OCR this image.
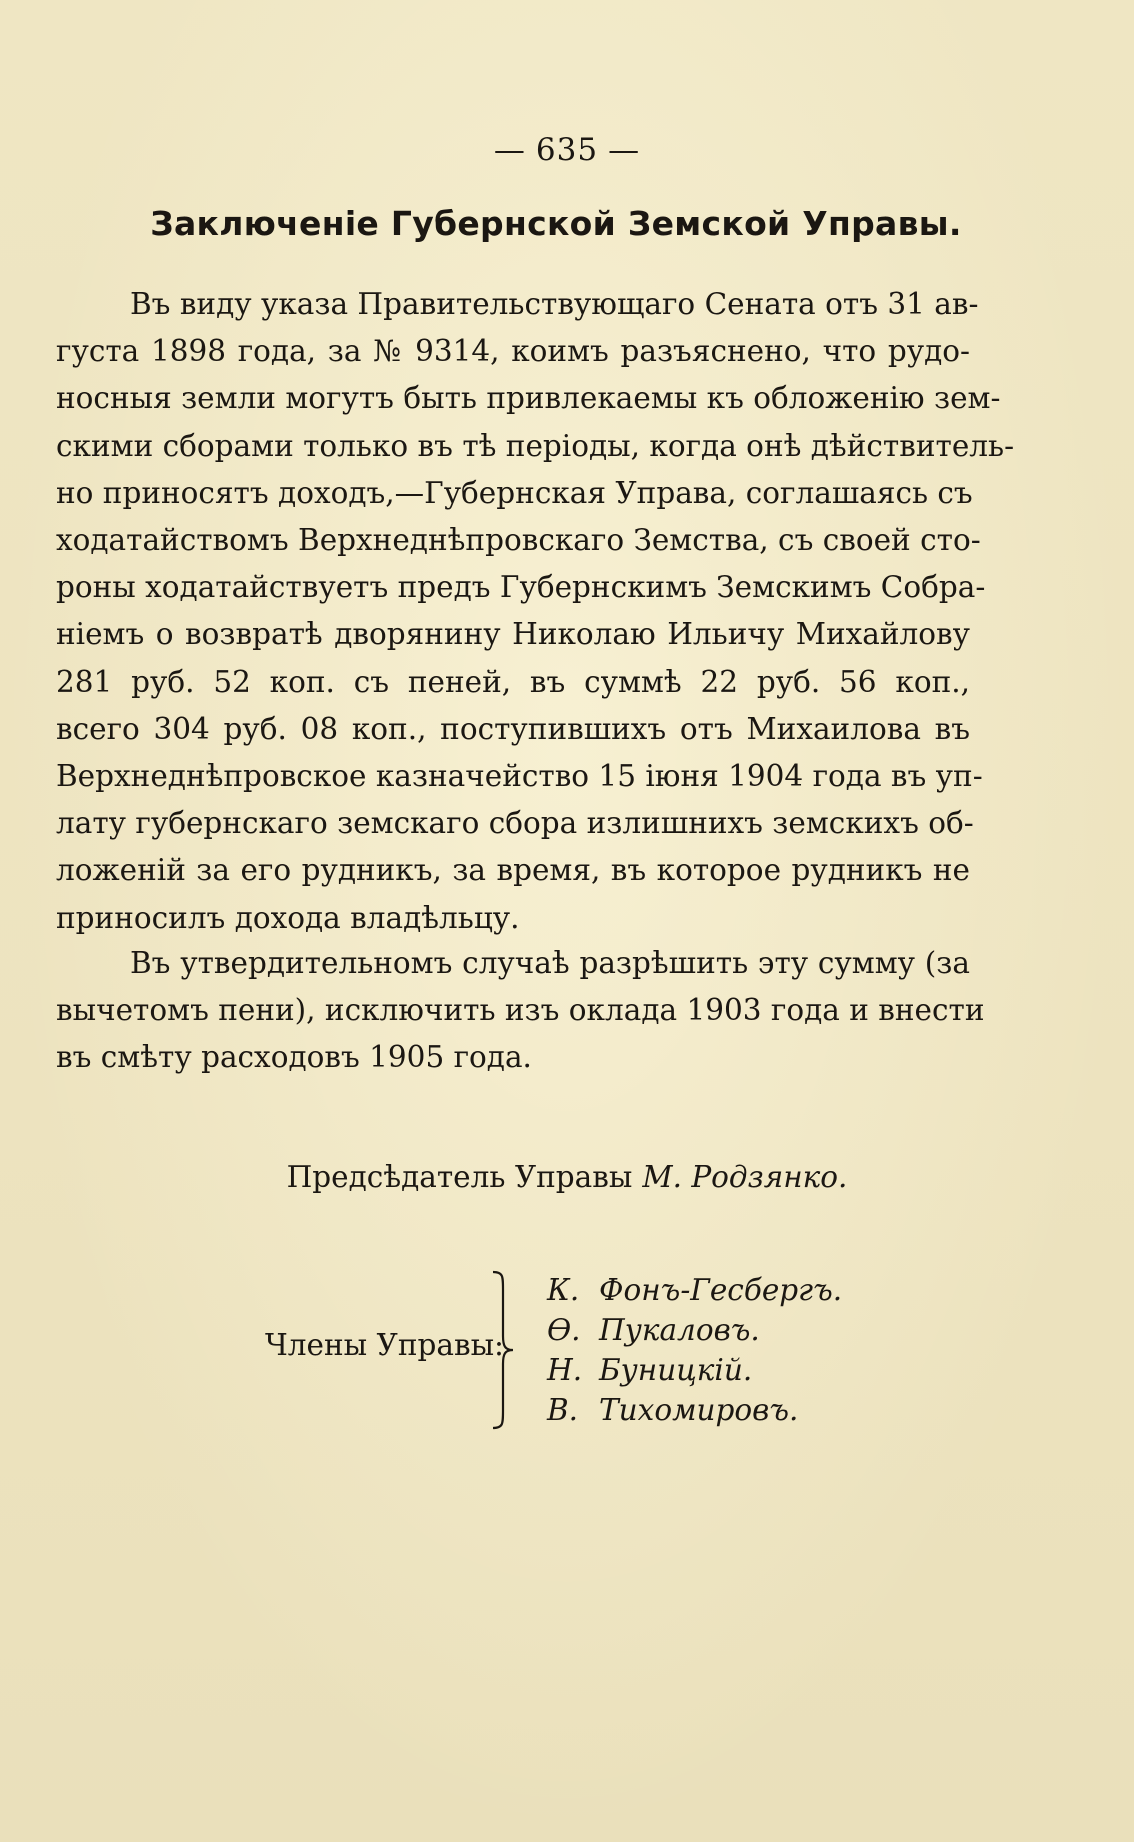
— 635 —
Заключеніе Губернской Земской Управы.
Въ виду указа Правительствующаго Сената отъ 31 ав-
густа 1898 года, за № 9314, коимъ разъяснено, что рудо-
носныя земли могутъ быть привлекаемы къ обложенію зем-
скими сборами только въ тѣ періоды, когда онѣ дѣйствитель-
но приносятъ доходъ,—Губернская Управа, соглашаясь съ
ходатайствомъ Верхнеднѣпровскаго Земства, съ своей сто-
роны ходатайствуетъ предъ Губернскимъ Земскимъ Собра-
ніемъ о возвратѣ дворянину Николаю Ильичу Михайлову
281 руб. 52 коп. съ пеней, въ суммѣ 22 руб. 56 коп.,
всего 304 руб. 08 коп., поступившихъ отъ Михаилова въ
Верхнеднѣпровское казначейство 15 іюня 1904 года въ уп-
лату губернскаго земскаго сбора излишнихъ земскихъ об-
ложеній за его рудникъ, за время, въ которое рудникъ не
приносилъ дохода владѣльцу.
Въ утвердительномъ случаѣ разрѣшить эту сумму (за
вычетомъ пени), исключить изъ оклада 1903 года и внести
въ смѣту расходовъ 1905 года.
Предсѣдатель Управы М. Родзянко.
Члены Управы:
К. Фонъ-Гесбергъ.
Ѳ. Пукаловъ.
Н. Буницкій.
В. Тихомировъ.
